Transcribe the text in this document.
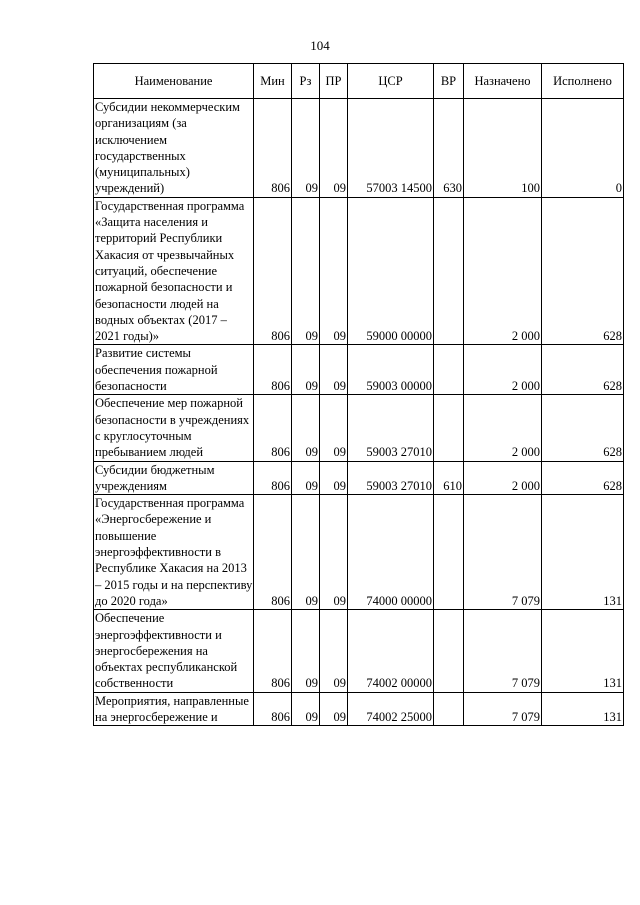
104
Наименование	Мин	Рз	ПР	ЦСР	ВР	Назначено	Исполнено
Субсидии некоммерческим организациям (за исключением государственных (муниципальных) учреждений)	806	09	09	57003 14500	630	100	0
Государственная программа «Защита населения и территорий Республики Хакасия от чрезвычайных ситуаций, обеспечение пожарной безопасности и безопасности людей на водных объектах (2017 – 2021 годы)»	806	09	09	59000 00000		2 000	628
Развитие системы обеспечения пожарной безопасности	806	09	09	59003 00000		2 000	628
Обеспечение мер пожарной безопасности в учреждениях с круглосуточным пребыванием людей	806	09	09	59003 27010		2 000	628
Субсидии бюджетным учреждениям	806	09	09	59003 27010	610	2 000	628
Государственная программа «Энергосбережение и повышение энергоэффективности в Республике Хакасия на 2013 – 2015 годы и на перспективу до 2020 года»	806	09	09	74000 00000		7 079	131
Обеспечение энергоэффективности и энергосбережения на объектах республиканской собственности	806	09	09	74002 00000		7 079	131
Мероприятия, направленные на энергосбережение и	806	09	09	74002 25000		7 079	131
